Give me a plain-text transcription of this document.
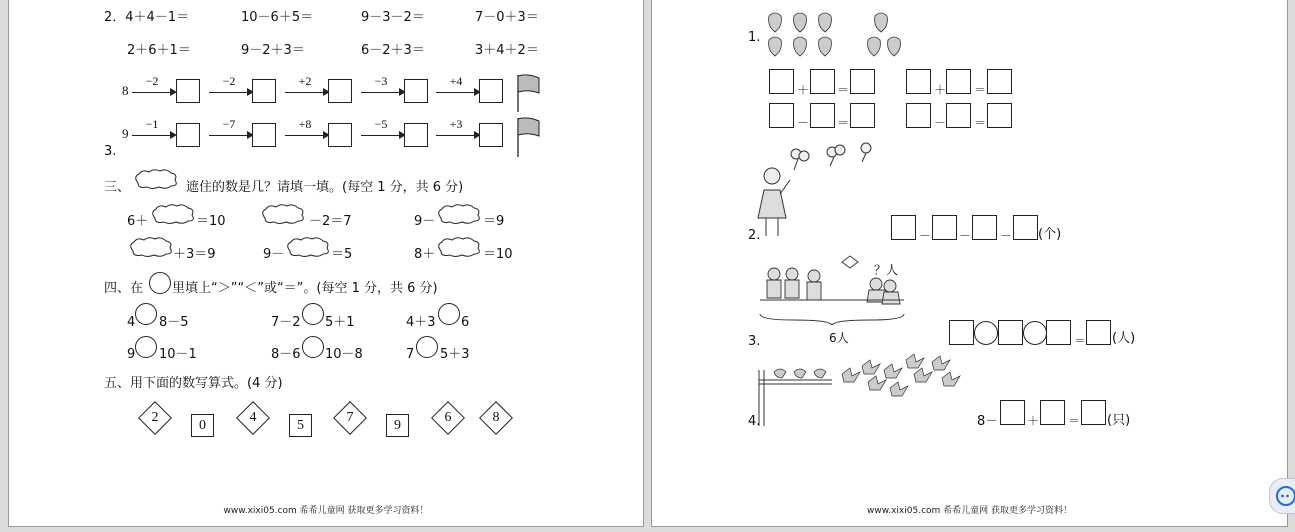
2．4＋4－1＝	10－6＋5＝	9－3－2＝	7－0＋3＝
2＋6＋1＝	9－2＋3＝	6－2＋3＝	3＋4＋2＝
8
−2	−2	+2	−3	+4
9
−1	−7	+8	−5	+3
3.
三、	遮住的数是几？请填一填。(每空 1 分，共 6 分)
6＋	＝10	－2＝7	9－	＝9
＋3＝9	9－	＝5	8＋	＝10
四、在 里填上“＞”“＜”或“＝”。(每空 1 分，共 6 分)
4 8－5	7－2 5＋1	4＋3 6
9 10－1	8－6 10－8	7 5＋3
五、用下面的数写算式。(4 分)
2
0
4
5
7
9
6	8
www.xixi05.com 希希儿童网 获取更多学习资料！
1.
＋ ＝	＋ ＝
－ ＝	－ ＝
2.	－ － － (个)
？人
6人
3.	＝ (人)
4.	8－ ＋ ＝ (只)
www.xixi05.com 希希儿童网 获取更多学习资料！
